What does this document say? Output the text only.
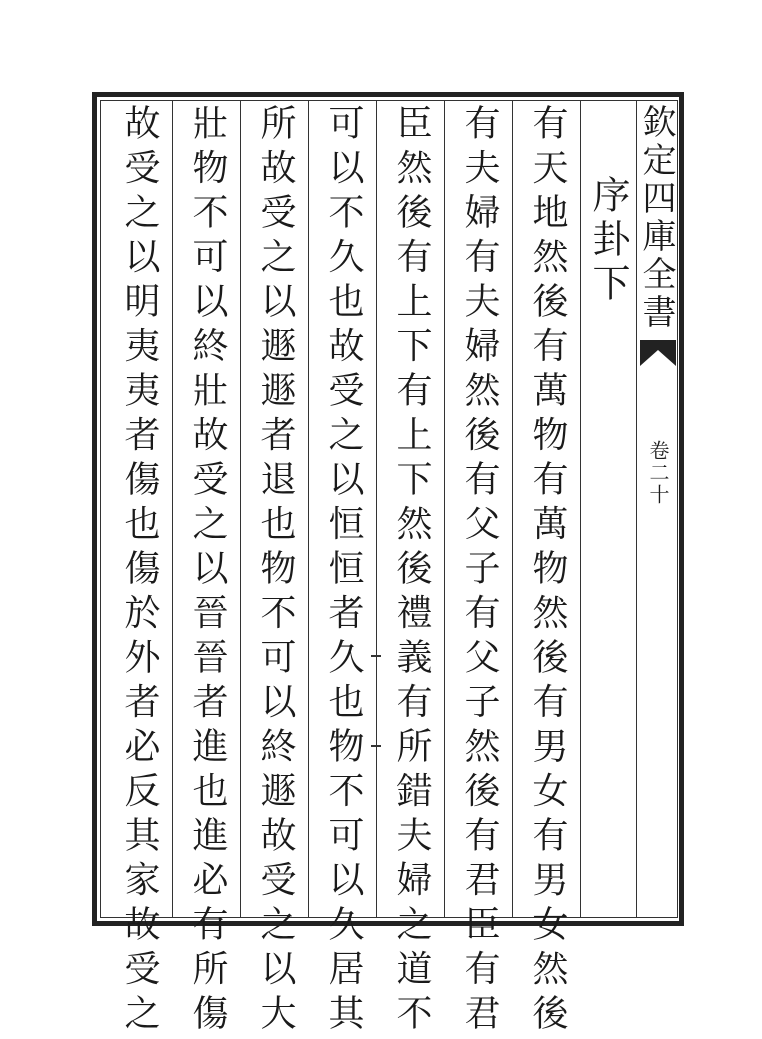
欽定四庫全書
卷二十
序卦下
有天地然後有萬物有萬物然後有男女有男女然後
有夫婦有夫婦然後有父子有父子然後有君臣有君
臣然後有上下有上下然後禮義有所錯夫婦之道不
可以不久也故受之以恒恒者久也物不可以久居其
所故受之以遯遯者退也物不可以終遯故受之以大
壯物不可以終壯故受之以晉晉者進也進必有所傷
故受之以明夷夷者傷也傷於外者必反其家故受之
